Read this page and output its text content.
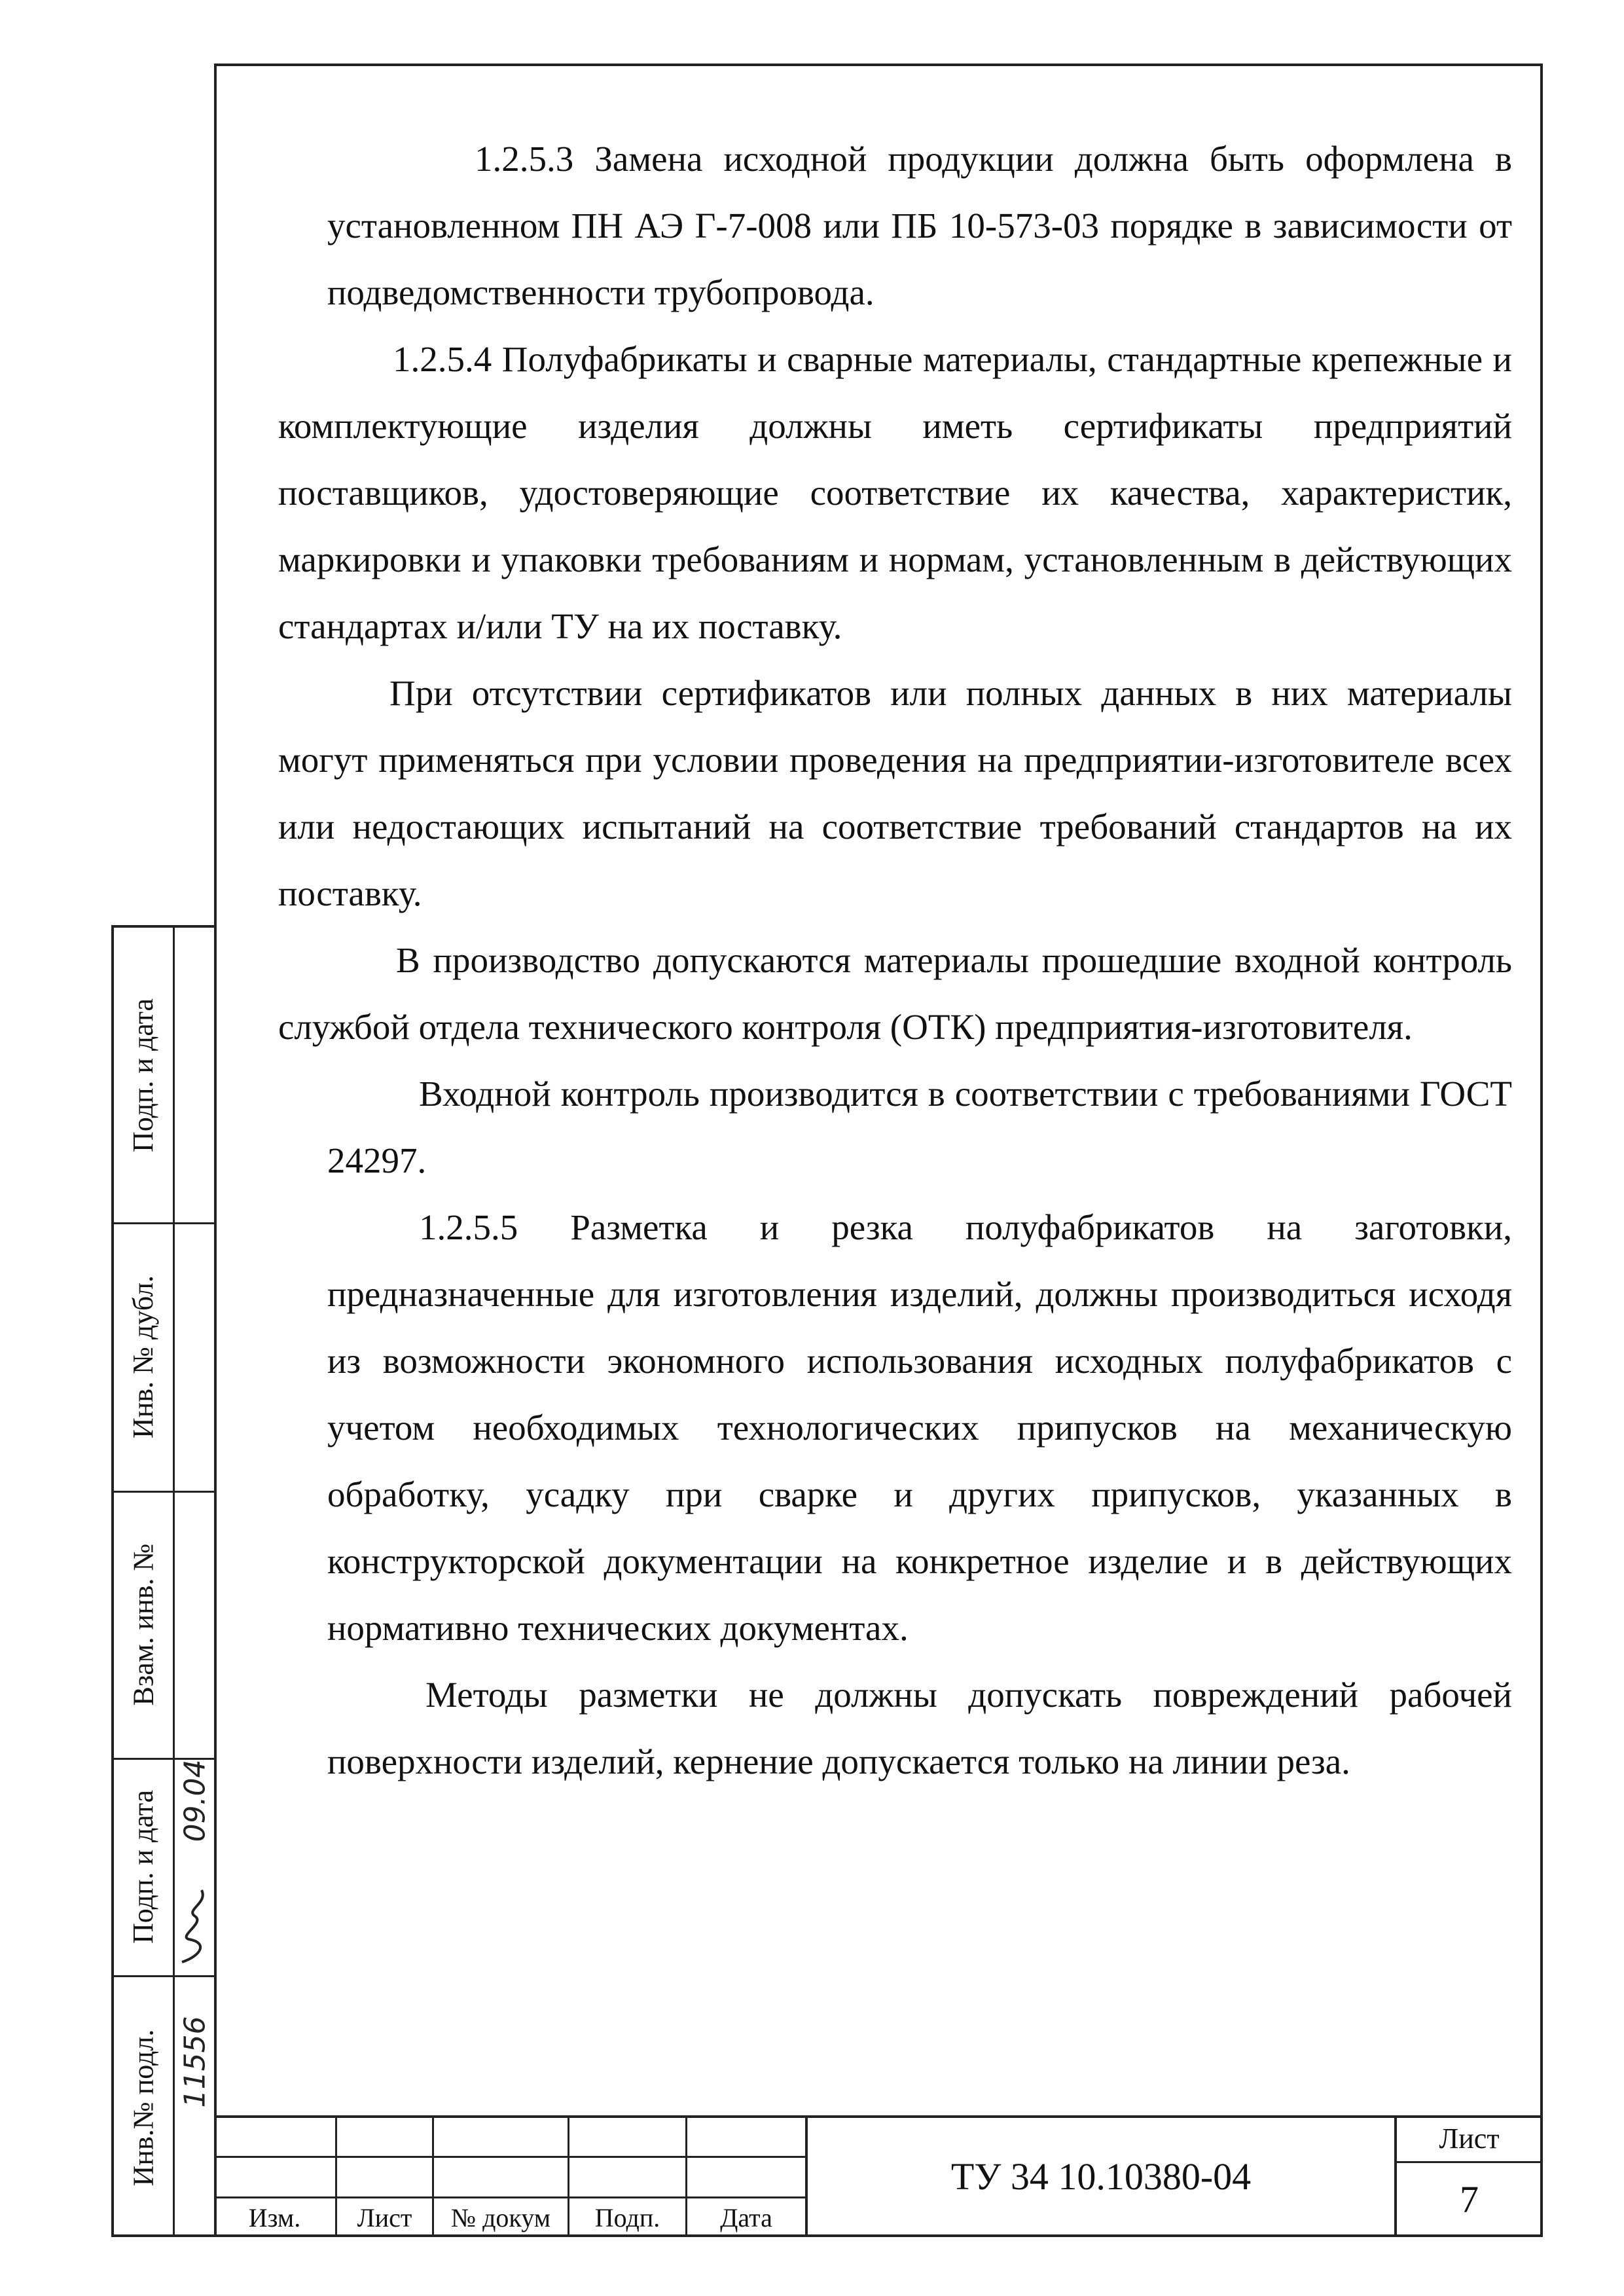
1.2.5.3 Замена исходной продукции должна быть оформлена в установленном ПН АЭ Г-7-008 или ПБ 10-573-03 порядке в зависимости от подведомственности трубопровода.

1.2.5.4 Полуфабрикаты и сварные материалы, стандартные крепежные и комплектующие изделия должны иметь сертификаты предприятий поставщиков, удостоверяющие соответствие их качества, характеристик, маркировки и упаковки требованиям и нормам, установленным в действующих стандартах и/или ТУ на их поставку.

При отсутствии сертификатов или полных данных в них материалы могут применяться при условии проведения на предприятии-изготовителе всех или недостающих испытаний на соответствие требований стандартов на их поставку.

В производство допускаются материалы прошедшие входной контроль службой отдела технического контроля (ОТК) предприятия-изготовителя.

Входной контроль производится в соответствии с требованиями ГОСТ 24297.

1.2.5.5 Разметка и резка полуфабрикатов на заготовки, предназначенные для изготовления изделий, должны производиться исходя из возможности экономного использования исходных полуфабрикатов с учетом необходимых технологических припусков на механическую обработку, усадку при сварке и других припусков, указанных в конструкторской документации на конкретное изделие и в действующих нормативно технических документах.

Методы разметки не должны допускать повреждений рабочей поверхности изделий, кернение допускается только на линии реза.

Подп. и дата
Инв. № дубл.
Взам. инв. №
Подп. и дата
Инв.№ подл.
09.04
11556
Изм.	Лист	№ докум	Подп.	Дата
ТУ 34 10.10380-04
Лист
7
